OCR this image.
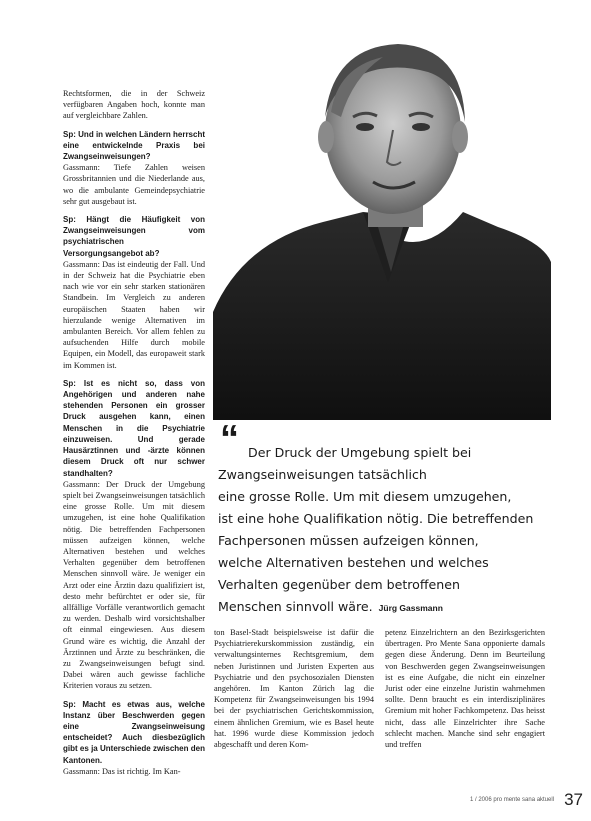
Rechtsformen, die in der Schweiz verfügbaren Angaben hoch, konnte man auf vergleichbare Zahlen.

Sp: Und in welchen Ländern herrscht eine entwickelnde Praxis bei Zwangseinweisungen?

Gassmann: Tiefe Zahlen weisen Grossbritannien und die Niederlande aus, wo die ambulante Gemeindepsychiatrie sehr gut ausgebaut ist.

Sp: Hängt die Häufigkeit von Zwangseinweisungen vom psychiatrischen Versorgungsangebot ab?

Gassmann: Das ist eindeutig der Fall. Und in der Schweiz hat die Psychiatrie eben nach wie vor ein sehr starken stationären Standbein. Im Vergleich zu anderen europäischen Staaten haben wir hierzulande wenige Alternativen im ambulanten Bereich. Vor allem fehlen zu aufsuchenden Hilfe durch mobile Equipen, ein Modell, das europaweit stark im Kommen ist.

Sp: Ist es nicht so, dass von Angehörigen und anderen nahe stehenden Personen ein grosser Druck ausgehen kann, einen Menschen in die Psychiatrie einzuweisen. Und gerade Hausärztinnen und -ärzte können diesem Druck oft nur schwer standhalten?

Gassmann: Der Druck der Umgebung spielt bei Zwangseinweisungen tatsächlich eine grosse Rolle. Um mit diesem umzugehen, ist eine hohe Qualifikation nötig. Die betreffenden Fachpersonen müssen aufzeigen können, welche Alternativen bestehen und welches Verhalten gegenüber dem betroffenen Menschen sinnvoll wäre. Je weniger ein Arzt oder eine Ärztin dazu qualifiziert ist, desto mehr befürchtet er oder sie, für allfällige Vorfälle verantwortlich gemacht zu werden. Deshalb wird vorsichtshalber oft einmal eingewiesen. Aus diesem Grund wäre es wichtig, die Anzahl der Ärztinnen und Ärzte zu beschränken, die zu Zwangseinweisungen befugt sind. Dabei wären auch gewisse fachliche Kriterien voraus zu setzen.

Sp: Macht es etwas aus, welche Instanz über Beschwerden gegen eine Zwangseinweisung entscheidet? Auch diesbezüglich gibt es ja Unterschiede zwischen den Kantonen.

Gassmann: Das ist richtig. Im Kan-

“ Der Druck der Umgebung spielt bei
Zwangseinweisungen tatsächlich
eine grosse Rolle. Um mit diesem umzugehen,
ist eine hohe Qualifikation nötig. Die betreffenden
Fachpersonen müssen aufzeigen können,
welche Alternativen bestehen und welches
Verhalten gegenüber dem betroffenen
Menschen sinnvoll wäre. Jürg Gassmann

ton Basel-Stadt beispielsweise ist dafür die Psychiatrierekurskommission zuständig, ein verwaltungsinternes Rechtsgremium, dem neben Juristinnen und Juristen Experten aus Psychiatrie und den psychosozialen Diensten angehören. Im Kanton Zürich lag die Kompetenz für Zwangseinweisungen bis 1994 bei der psychiatrischen Gerichtskommission, einem ähnlichen Gremium, wie es Basel heute hat. 1996 wurde diese Kommission jedoch abgeschafft und deren Kom-

petenz Einzelrichtern an den Bezirksgerichten übertragen. Pro Mente Sana opponierte damals gegen diese Änderung. Denn im Beurteilung von Beschwerden gegen Zwangseinweisungen ist es eine Aufgabe, die nicht ein einzelner Jurist oder eine einzelne Juristin wahrnehmen sollte. Denn braucht es ein interdisziplinäres Gremium mit hoher Fachkompetenz. Das heisst nicht, dass alle Einzelrichter ihre Sache schlecht machen. Manche sind sehr engagiert und treffen

1 / 2006 pro mente sana aktuell 37
